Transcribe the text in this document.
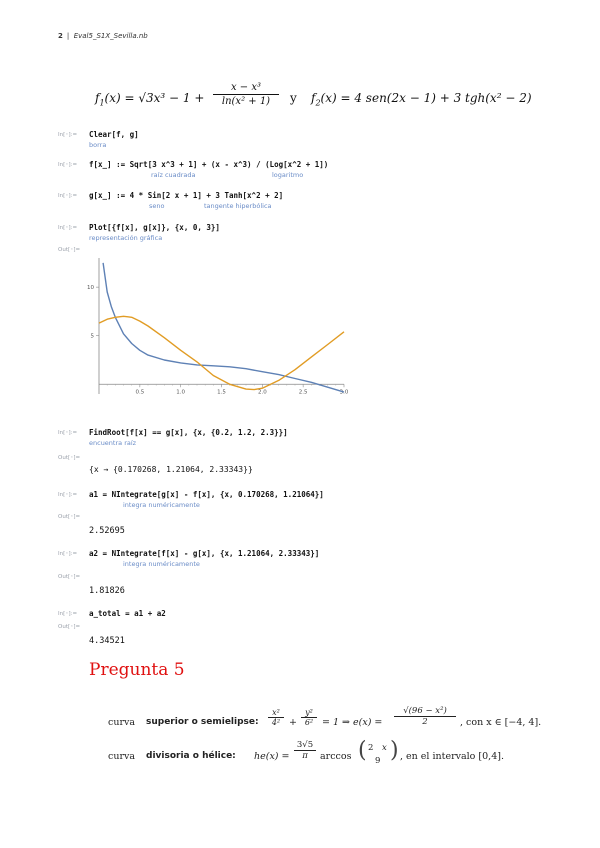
2 |  Eval5_S1X_Sevilla.nb
$f_1(x) = √3x^3 - 1 + \frac{\text{x − x³}}{\text{ln(x² + 1)}}$ y $f_2(x) = 4$ sen(2x − 1) + 3 tgh(x² − 2)
In[◦]:= Clear[f, g]
borra
In[◦]:= f[x_] := Sqrt[3 x^3 + 1] + (x - x^3) / (Log[x^2 + 1])
raíz cuadrada	logaritmo
In[◦]:= g[x_] := 4 * Sin[2 x + 1] + 3 Tanh[x^2 + 2]
seno	tangente hiperbólica
In[◦]:= Plot[{f[x], g[x]}, {x, 0, 3}]
representación gráfica
Out[◦]=
0.5	1.0	1.5	2.0	2.5	3.0
5
10
In[◦]:= FindRoot[f[x] == g[x], {x, {0.2, 1.2, 2.3}}]
encuentra raíz
Out[◦]=
{x → {0.170268, 1.21064, 2.33343}}
In[◦]:= a1 = NIntegrate[g[x] - f[x], {x, 0.170268, 1.21064}]
integra numéricamente
Out[◦]=
2.52695
In[◦]:= a2 = NIntegrate[f[x] - g[x], {x, 1.21064, 2.33343}]
integra numéricamente
Out[◦]=
1.81826
In[◦]:= a_total = a1 + a2
Out[◦]=
4.34521
Pregunta 5
curva superior o semielipse: $\frac{\text{x²}}{\text{4²}} + \frac{\text{y²}}{\text{6²}} = 1$ ⇒ e(x) =
√(96 − x²)
2	, con x ∈ [−4, 4].
curva divisoria o hélice: $he(x) = \frac{3√5}{\pi}$ arccos ( 2 x
9 ) , en el intervalo [0,4].
